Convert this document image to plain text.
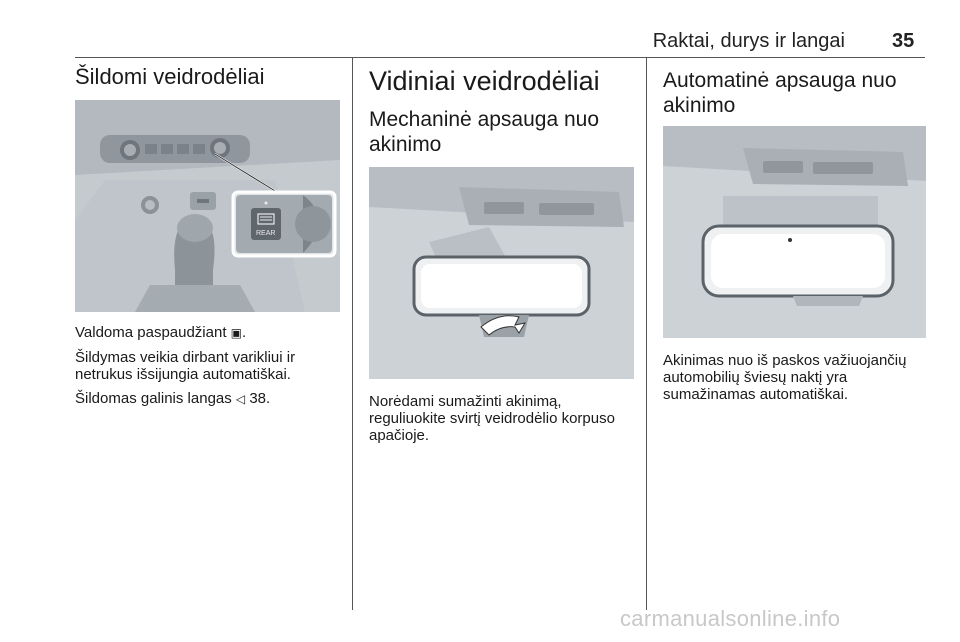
Raktai, durys ir langai 35
Šildomi veidrodėliai
REAR

Valdoma paspaudžiant ▣.

Šildymas veikia dirbant varikliui ir netrukus išsijungia automatiškai.

Šildomas galinis langas ◁ 38.

Vidiniai veidrodėliai
Mechaninė apsauga nuo akinimo

Norėdami sumažinti akinimą, reguliuokite svirtį veidrodėlio korpuso apačioje.

Automatinė apsauga nuo akinimo

Akinimas nuo iš paskos važiuojančių automobilių šviesų naktį yra sumažinamas automatiškai.

carmanualsonline.info
